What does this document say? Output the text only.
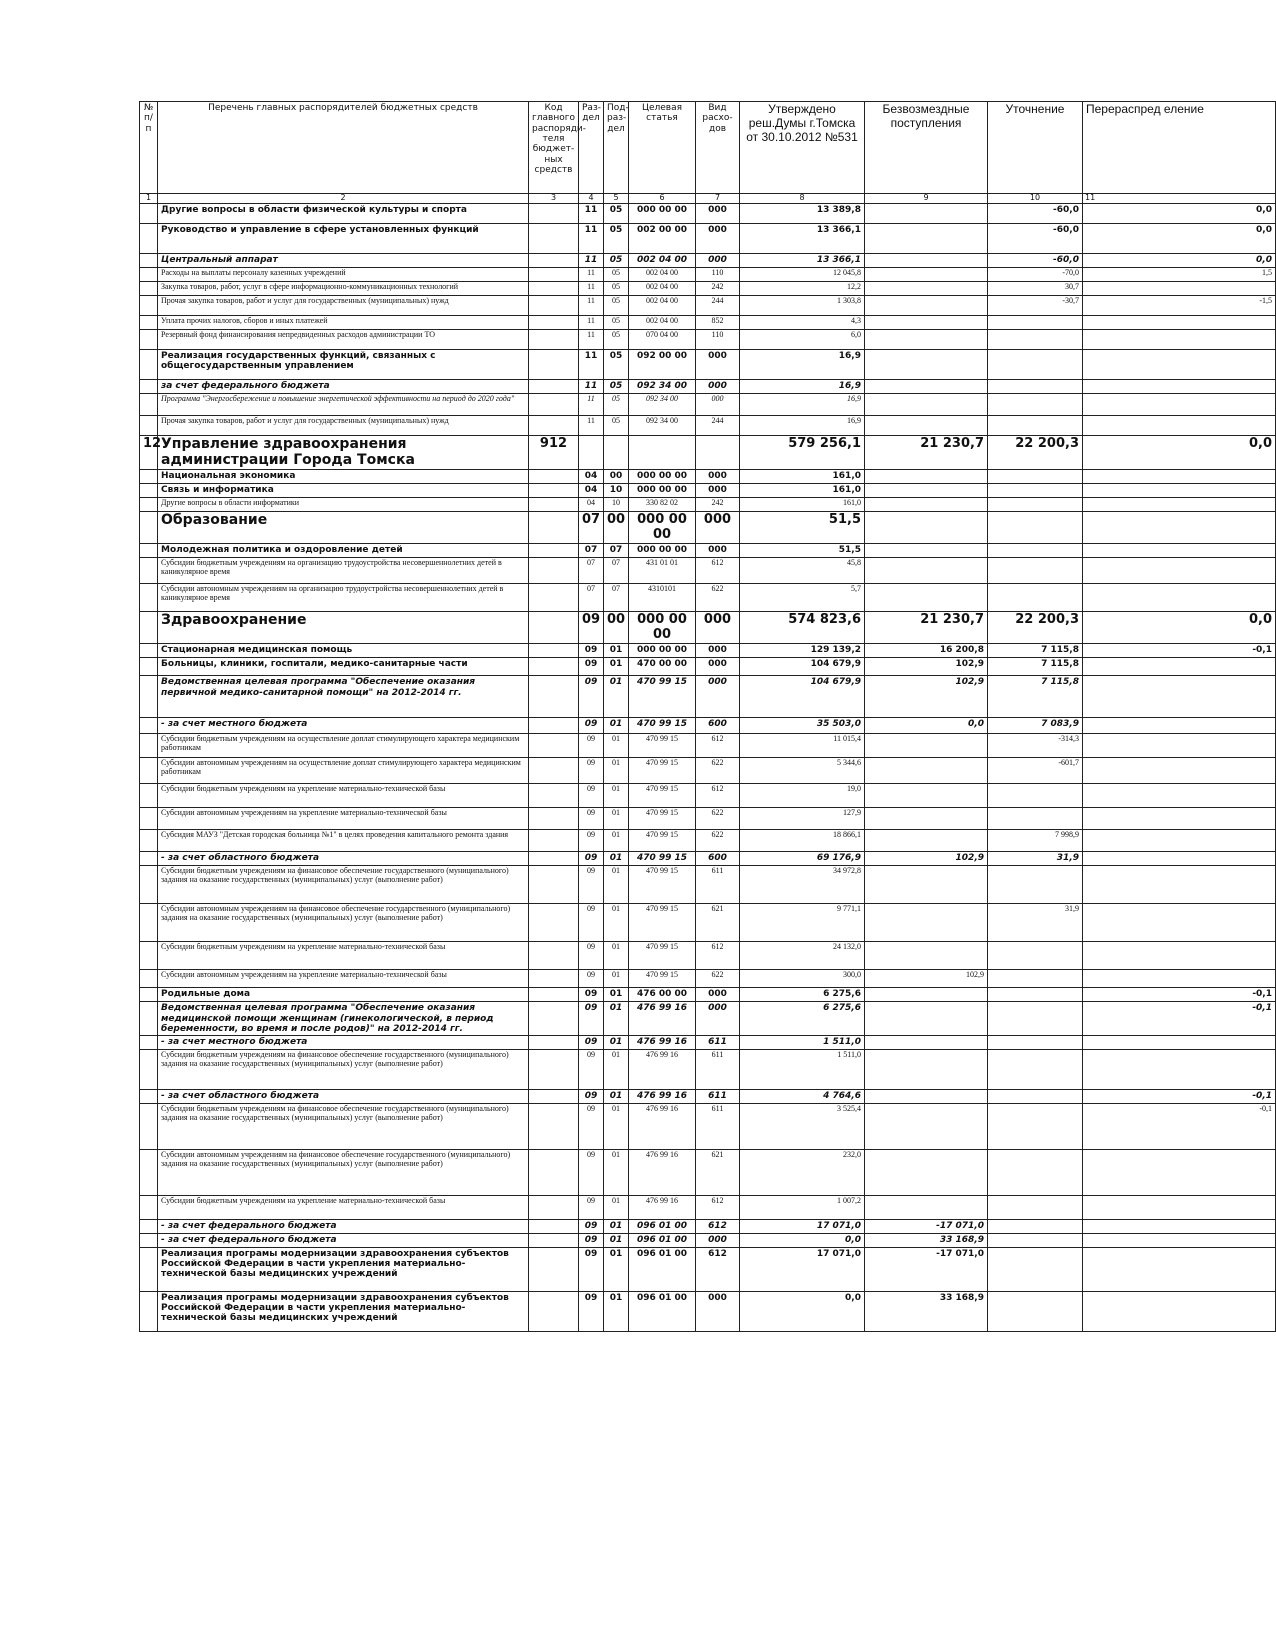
№ п/п	Перечень главных распорядителей бюджетных средств	Код главного распоряди-теля бюджет-ных средств	Раз-дел	Под-раз-дел	Целевая статья	Вид расхо-дов	Утверждено реш.Думы г.Томска от 30.10.2012 №531	Безвозмездные поступления	Уточнение	Перераспред еление
1	2	3	4	5	6	7	8	9	10	11
	Другие вопросы в области физической культуры и спорта		11	05	000 00 00	000	13 389,8		-60,0	0,0
	Руководство и управление в сфере установленных функций		11	05	002 00 00	000	13 366,1		-60,0	0,0
	Центральный аппарат		11	05	002 04 00	000	13 366,1		-60,0	0,0
	Расходы на выплаты персоналу казенных учреждений		11	05	002 04 00	110	12 045,8		-70,0	1,5
	Закупка товаров, работ, услуг в сфере информационно-коммуникационных технологий		11	05	002 04 00	242	12,2		30,7	
	Прочая закупка товаров, работ и услуг для государственных (муниципальных) нужд		11	05	002 04 00	244	1 303,8		-30,7	-1,5
	Уплата прочих налогов, сборов и иных платежей		11	05	002 04 00	852	4,3			
	Резервный фонд финансирования непредвиденных расходов администрации ТО		11	05	070 04 00	110	6,0			
	Реализация государственных функций, связанных с общегосударственным управлением		11	05	092 00 00	000	16,9			
	за счет федерального бюджета		11	05	092 34 00	000	16,9			
	Программа "Энергосбережение и повышение энергетической эффективности на период до 2020 года"		11	05	092 34 00	000	16,9			
	Прочая закупка товаров, работ и услуг для государственных (муниципальных) нужд		11	05	092 34 00	244	16,9			
12	Управление здравоохранения администрации Города Томска	912					579 256,1	21 230,7	22 200,3	0,0
	Национальная экономика		04	00	000 00 00	000	161,0			
	Связь и информатика		04	10	000 00 00	000	161,0			
	Другие вопросы в области информатики		04	10	330 82 02	242	161,0			
	Образование		07	00	000 00 00	000	51,5			
	Молодежная политика и оздоровление детей		07	07	000 00 00	000	51,5			
	Субсидии бюджетным учреждениям на организацию трудоустройства несовершеннолетних детей в каникулярное время		07	07	431 01 01	612	45,8			
	Субсидии автономным учреждениям на организацию трудоустройства несовершеннолетних детей в каникулярное время		07	07	4310101	622	5,7			
	Здравоохранение		09	00	000 00 00	000	574 823,6	21 230,7	22 200,3	0,0
	Стационарная медицинская помощь		09	01	000 00 00	000	129 139,2	16 200,8	7 115,8	-0,1
	Больницы, клиники, госпитали, медико-санитарные части		09	01	470 00 00	000	104 679,9	102,9	7 115,8	
	Ведомственная целевая программа "Обеспечение оказания первичной медико-санитарной помощи" на 2012-2014 гг.		09	01	470 99 15	000	104 679,9	102,9	7 115,8	
	- за счет местного бюджета		09	01	470 99 15	600	35 503,0	0,0	7 083,9	
	Субсидии бюджетным учреждениям на осуществление доплат стимулирующего характера медицинским работникам		09	01	470 99 15	612	11 015,4		-314,3	
	Субсидии автономным учреждениям на осуществление доплат стимулирующего характера медицинским работникам		09	01	470 99 15	622	5 344,6		-601,7	
	Субсидии бюджетным учреждениям на укрепление материально-технической базы		09	01	470 99 15	612	19,0			
	Субсидии автономным учреждениям на укрепление материально-технической базы		09	01	470 99 15	622	127,9			
	Субсидия МАУЗ "Детская городская больница №1" в целях проведения капитального ремонта здания		09	01	470 99 15	622	18 866,1		7 998,9	
	- за счет областного бюджета		09	01	470 99 15	600	69 176,9	102,9	31,9	
	Субсидии бюджетным учреждениям на финансовое обеспечение государственного (муниципального) задания на оказание государственных (муниципальных) услуг (выполнение работ)		09	01	470 99 15	611	34 972,8			
	Субсидии автономным учреждениям на финансовое обеспечение государственного (муниципального) задания на оказание государственных (муниципальных) услуг (выполнение работ)		09	01	470 99 15	621	9 771,1		31,9	
	Субсидии бюджетным учреждениям на укрепление материально-технической базы		09	01	470 99 15	612	24 132,0			
	Субсидии автономным учреждениям на укрепление материально-технической базы		09	01	470 99 15	622	300,0	102,9		
	Родильные дома		09	01	476 00 00	000	6 275,6			-0,1
	Ведомственная целевая программа "Обеспечение оказания медицинской помощи женщинам (гинекологической, в период беременности, во время и после родов)" на 2012-2014 гг.		09	01	476 99 16	000	6 275,6			-0,1
	- за счет местного бюджета		09	01	476 99 16	611	1 511,0			
	Субсидии бюджетным учреждениям на финансовое обеспечение государственного (муниципального) задания на оказание государственных (муниципальных) услуг (выполнение работ)		09	01	476 99 16	611	1 511,0			
	- за счет областного бюджета		09	01	476 99 16	611	4 764,6			-0,1
	Субсидии бюджетным учреждениям на финансовое обеспечение государственного (муниципального) задания на оказание государственных (муниципальных) услуг (выполнение работ)		09	01	476 99 16	611	3 525,4			-0,1
	Субсидии автономным учреждениям на финансовое обеспечение государственного (муниципального) задания на оказание государственных (муниципальных) услуг (выполнение работ)		09	01	476 99 16	621	232,0			
	Субсидии бюджетным учреждениям на укрепление материально-технической базы		09	01	476 99 16	612	1 007,2			
	- за счет федерального бюджета		09	01	096 01 00	612	17 071,0	-17 071,0		
	- за счет федерального бюджета		09	01	096 01 00	000	0,0	33 168,9		
	Реализация програмы модернизации здравоохранения субъектов Российской Федерации в части укрепления материально-технической базы медицинских учреждений		09	01	096 01 00	612	17 071,0	-17 071,0		
	Реализация програмы модернизации здравоохранения субъектов Российской Федерации в части укрепления материально-технической базы медицинских учреждений		09	01	096 01 00	000	0,0	33 168,9		
